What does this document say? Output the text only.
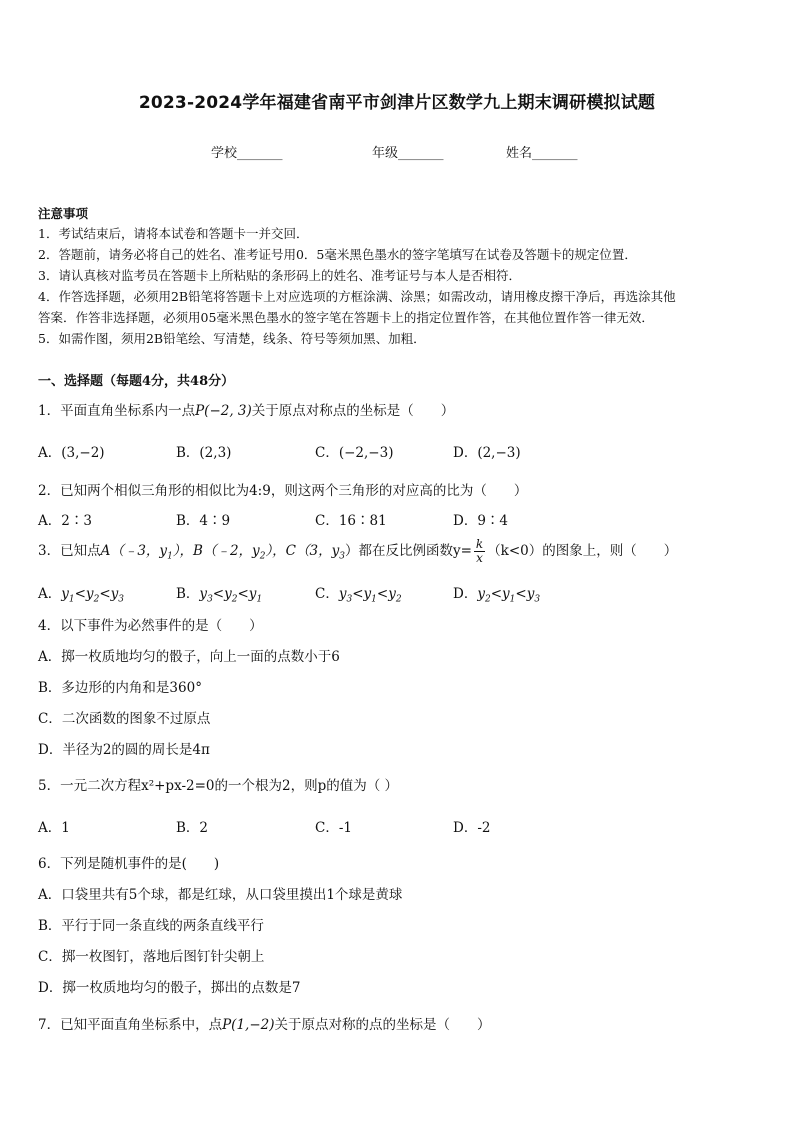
2023-2024学年福建省南平市剑津片区数学九上期末调研模拟试题
学校_______	年级_______	姓名_______
注意事项
1．考试结束后，请将本试卷和答题卡一并交回．
2．答题前，请务必将自己的姓名、准考证号用0．5毫米黑色墨水的签字笔填写在试卷及答题卡的规定位置．
3．请认真核对监考员在答题卡上所粘贴的条形码上的姓名、准考证号与本人是否相符．
4．作答选择题，必须用2B铅笔将答题卡上对应选项的方框涂满、涂黑；如需改动，请用橡皮擦干净后，再选涂其他
答案．作答非选择题，必须用05毫米黑色墨水的签字笔在答题卡上的指定位置作答，在其他位置作答一律无效．
5．如需作图，须用2B铅笔绘、写清楚，线条、符号等须加黑、加粗．
一、选择题（每题4分，共48分）
1．平面直角坐标系内一点P(−2, 3)关于原点对称点的坐标是（　　）
A．(3,−2)	B．(2,3)	C．(−2,−3)	D．(2,−3)
2．已知两个相似三角形的相似比为4:9，则这两个三角形的对应高的比为（　　）
A．2∶3	B．4∶9	C．16∶81	D．9∶4
3．已知点A（﹣3，$y_1$），B（﹣2，$y_2$），C（3，$y_3$）都在反比例函数$y= \frac{k}{x} (k<0)$的图象上，则（　　）
A．$y_1<y_2<y_3$	B．$y_3<y_2<y_1$	C．$y_3<y_1<y_2$	D．$y_2<y_1<y_3$
4．以下事件为必然事件的是（　　）
A．掷一枚质地均匀的骰子，向上一面的点数小于6
B．多边形的内角和是360°
C．二次函数的图象不过原点
D．半径为2的圆的周长是4π
5．一元二次方程x²+px-2=0的一个根为2，则p的值为（ ）
A．1	B．2	C．-1	D．-2
6．下列是随机事件的是(　　)
A．口袋里共有5个球，都是红球，从口袋里摸出1个球是黄球
B．平行于同一条直线的两条直线平行
C．掷一枚图钉，落地后图钉针尖朝上
D．掷一枚质地均匀的骰子，掷出的点数是7
7．已知平面直角坐标系中，点P(1,−2)关于原点对称的点的坐标是（　　）
